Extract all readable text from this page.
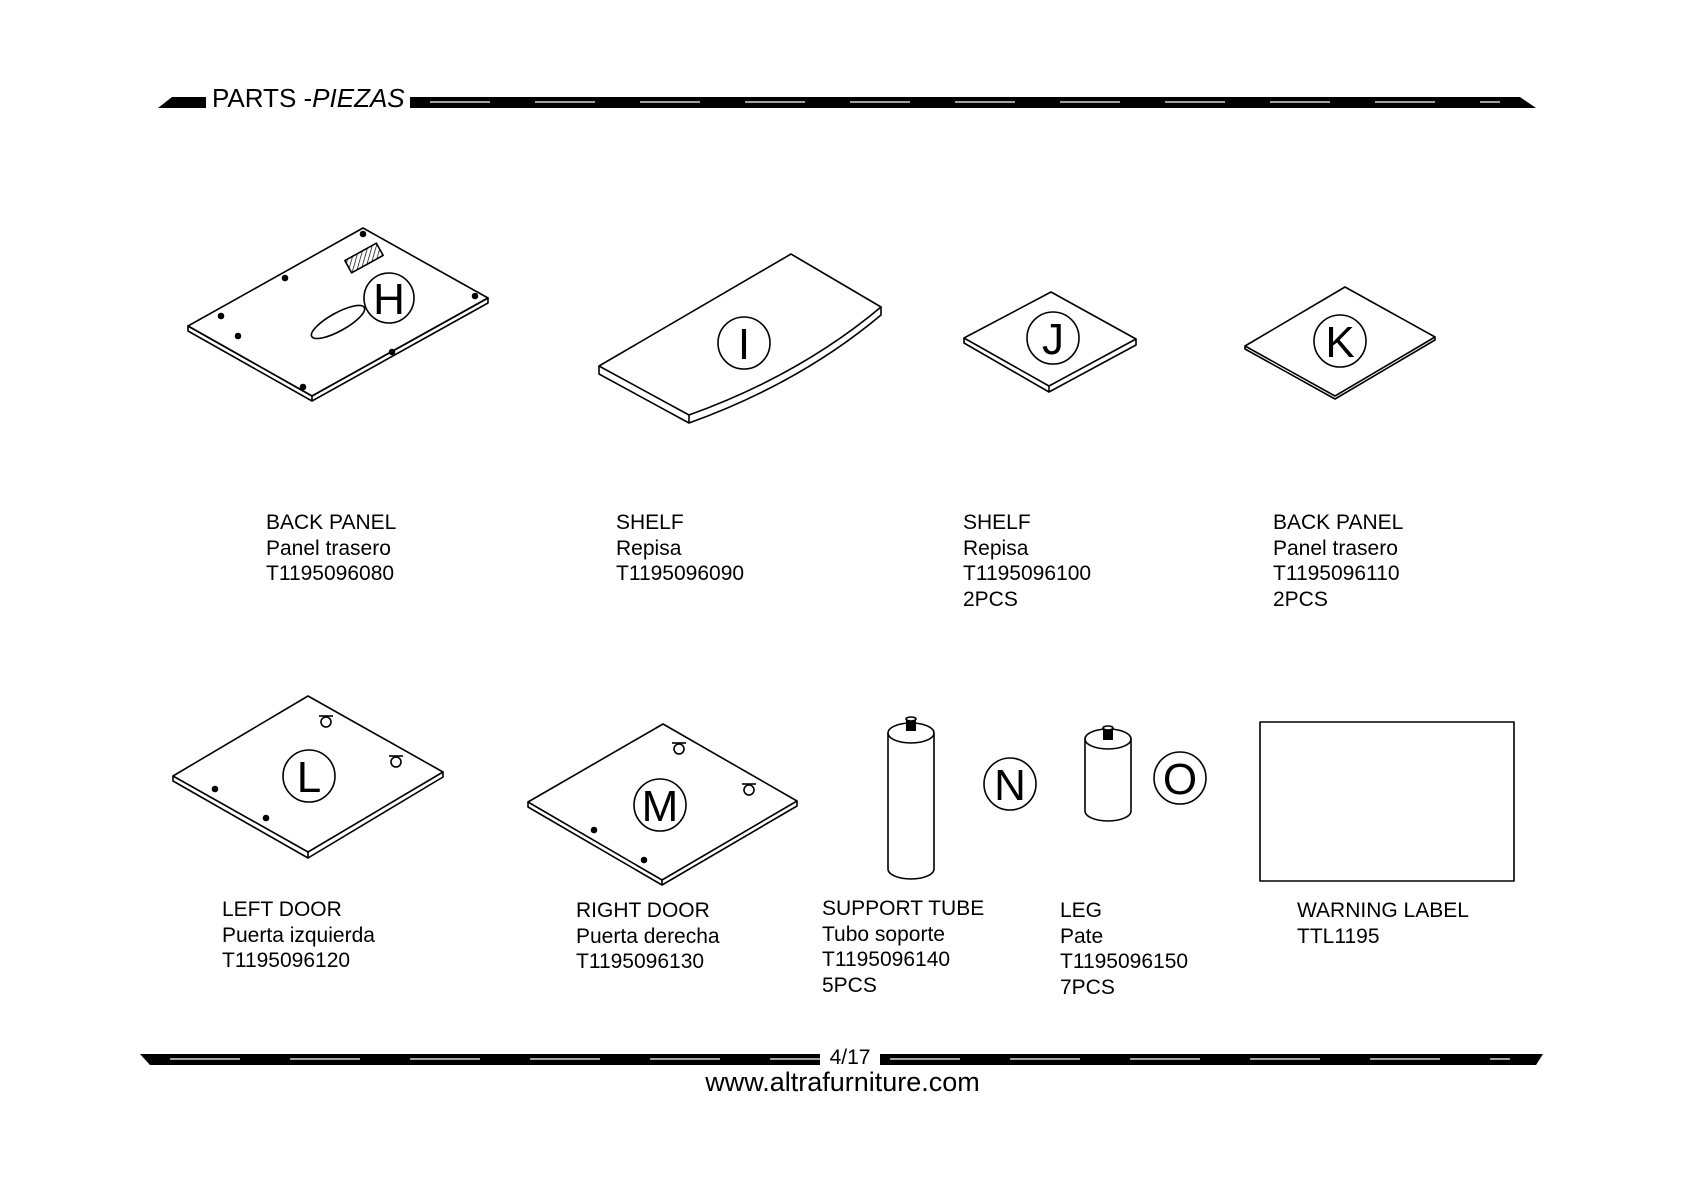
H
I	J	K
L
M	N	O
PARTS -PIEZAS
BACK PANEL
Panel trasero
T1195096080
SHELF
Repisa
T1195096090
SHELF
Repisa
T1195096100
2PCS
BACK PANEL
Panel trasero
T1195096110
2PCS
LEFT DOOR
Puerta izquierda
T1195096120
RIGHT DOOR
Puerta derecha
T1195096130
SUPPORT TUBE
Tubo soporte
T1195096140
5PCS
LEG
Pate
T1195096150
7PCS
WARNING LABEL
TTL1195
4/17
www.altrafurniture.com
